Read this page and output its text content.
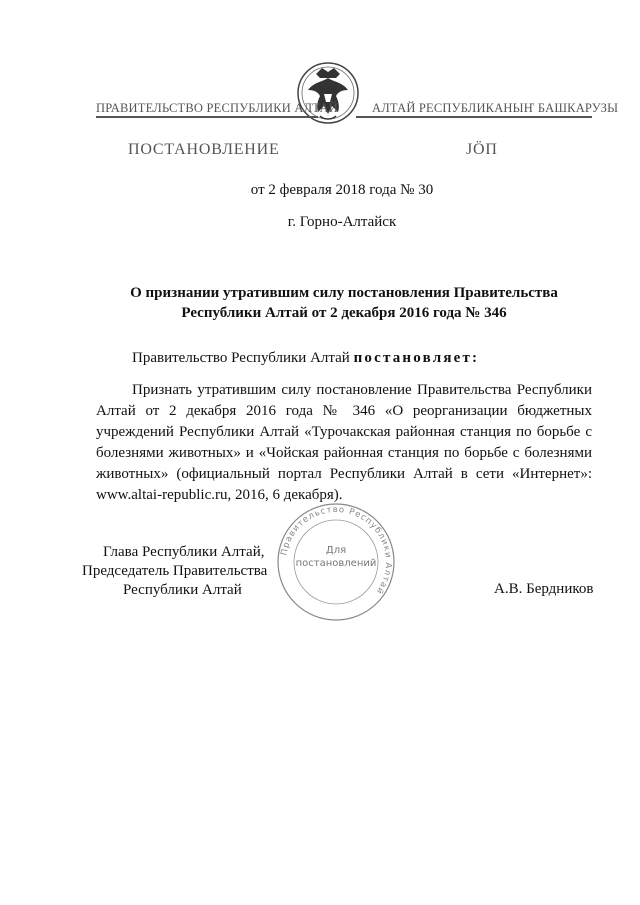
ПРАВИТЕЛЬСТВО РЕСПУБЛИКИ АЛТАЙ	АЛТАЙ РЕСПУБЛИКАНЫҤ БАШКАРУЗЫ
ПОСТАНОВЛЕНИЕ	ЈÖП
от 2 февраля 2018 года № 30
г. Горно-Алтайск
О признании утратившим силу постановления Правительства
Республики Алтай от 2 декабря 2016 года № 346
Правительство Республики Алтай постановляет:
Признать утратившим силу постановление Правительства Республики Алтай от 2 декабря 2016 года № 346 «О реорганизации бюджетных учреждений Республики Алтай «Турочакская районная станция по борьбе с болезнями животных» и «Чойская районная станция по борьбе с болезнями животных» (официальный портал Республики Алтай в сети «Интернет»: www.altai-republic.ru, 2016, 6 декабря).
Правительство Республики Алтай
Для
постановлений
Глава Республики Алтай,
Председатель Правительства
Республики Алтай	А.В. Бердников
